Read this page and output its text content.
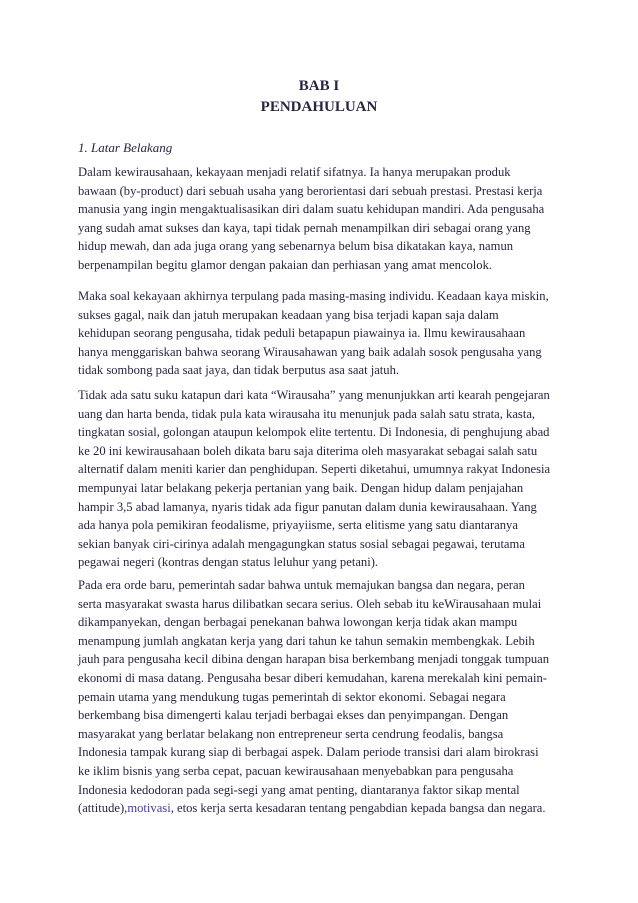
BAB I
PENDAHULUAN
1. Latar Belakang
Dalam kewirausahaan, kekayaan menjadi relatif sifatnya. Ia hanya merupakan produk
bawaan (by-product) dari sebuah usaha yang berorientasi dari sebuah prestasi. Prestasi kerja
manusia yang ingin mengaktualisasikan diri dalam suatu kehidupan mandiri. Ada pengusaha
yang sudah amat sukses dan kaya, tapi tidak pernah menampilkan diri sebagai orang yang
hidup mewah, dan ada juga orang yang sebenarnya belum bisa dikatakan kaya, namun
berpenampilan begitu glamor dengan pakaian dan perhiasan yang amat mencolok.
Maka soal kekayaan akhirnya terpulang pada masing-masing individu. Keadaan kaya miskin,
sukses gagal, naik dan jatuh merupakan keadaan yang bisa terjadi kapan saja dalam
kehidupan seorang pengusaha, tidak peduli betapapun piawainya ia. Ilmu kewirausahaan
hanya menggariskan bahwa seorang Wirausahawan yang baik adalah sosok pengusaha yang
tidak sombong pada saat jaya, dan tidak berputus asa saat jatuh.
Tidak ada satu suku katapun dari kata “Wirausaha” yang menunjukkan arti kearah pengejaran
uang dan harta benda, tidak pula kata wirausaha itu menunjuk pada salah satu strata, kasta,
tingkatan sosial, golongan ataupun kelompok elite tertentu. Di Indonesia, di penghujung abad
ke 20 ini kewirausahaan boleh dikata baru saja diterima oleh masyarakat sebagai salah satu
alternatif dalam meniti karier dan penghidupan. Seperti diketahui, umumnya rakyat Indonesia
mempunyai latar belakang pekerja pertanian yang baik. Dengan hidup dalam penjajahan
hampir 3,5 abad lamanya, nyaris tidak ada figur panutan dalam dunia kewirausahaan. Yang
ada hanya pola pemikiran feodalisme, priyayiisme, serta elitisme yang satu diantaranya
sekian banyak ciri-cirinya adalah mengagungkan status sosial sebagai pegawai, terutama
pegawai negeri (kontras dengan status leluhur yang petani).
Pada era orde baru, pemerintah sadar bahwa untuk memajukan bangsa dan negara, peran
serta masyarakat swasta harus dilibatkan secara serius. Oleh sebab itu keWirausahaan mulai
dikampanyekan, dengan berbagai penekanan bahwa lowongan kerja tidak akan mampu
menampung jumlah angkatan kerja yang dari tahun ke tahun semakin membengkak. Lebih
jauh para pengusaha kecil dibina dengan harapan bisa berkembang menjadi tonggak tumpuan
ekonomi di masa datang. Pengusaha besar diberi kemudahan, karena merekalah kini pemain-
pemain utama yang mendukung tugas pemerintah di sektor ekonomi. Sebagai negara
berkembang bisa dimengerti kalau terjadi berbagai ekses dan penyimpangan. Dengan
masyarakat yang berlatar belakang non entrepreneur serta cendrung feodalis, bangsa
Indonesia tampak kurang siap di berbagai aspek. Dalam periode transisi dari alam birokrasi
ke iklim bisnis yang serba cepat, pacuan kewirausahaan menyebabkan para pengusaha
Indonesia kedodoran pada segi-segi yang amat penting, diantaranya faktor sikap mental
(attitude),motivasi, etos kerja serta kesadaran tentang pengabdian kepada bangsa dan negara.
